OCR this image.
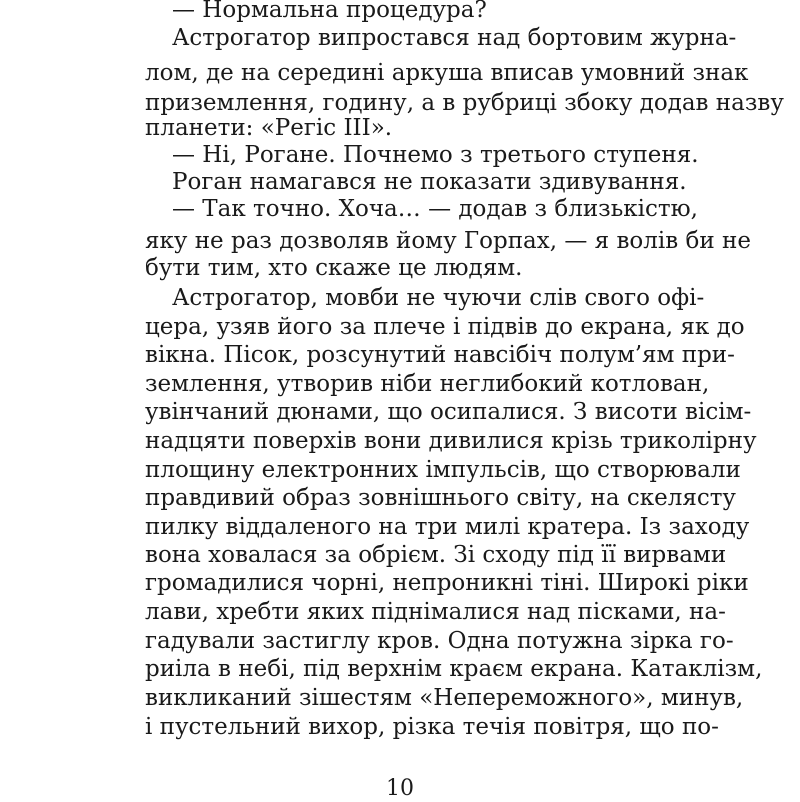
— Нормальна процедура?
Астрогатор випростався над бортовим журна-
лом, де на середині аркуша вписав умовний знак
приземлення, годину, а в рубриці збоку додав назву
планети: «Регіс III».
— Ні, Рогане. Почнемо з третього ступеня.
Роган намагався не показати здивування.
— Так точно. Хоча… — додав з близькістю,
яку не раз дозволяв йому Горпах, — я волів би не
бути тим, хто скаже це людям.
Астрогатор, мовби не чуючи слів свого офі-
цера, узяв його за плече і підвів до екрана, як до
вікна. Пісок, розсунутий навсібіч полум’ям при-
землення, утворив ніби неглибокий котлован,
увінчаний дюнами, що осипалися. З висоти вісім-
надцяти поверхів вони дивилися крізь триколірну
площину електронних імпульсів, що створювали
правдивий образ зовнішнього світу, на скелясту
пилку віддаленого на три милі кратера. Із заходу
вона ховалася за обрієм. Зі сходу під її вирвами
громадилися чорні, непроникні тіні. Широкі ріки
лави, хребти яких піднімалися над пісками, на-
гадували застиглу кров. Одна потужна зірка го-
риіла в небі, під верхнім краєм екрана. Катаклізм,
викликаний зішестям «Непереможного», минув,
і пустельний вихор, різка течія повітря, що по-
10
